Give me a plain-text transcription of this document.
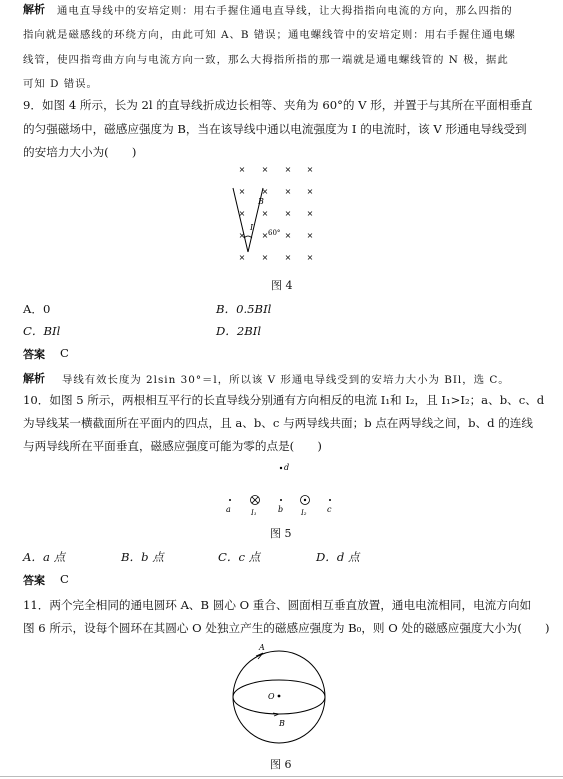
解析 通电直导线中的安培定则：用右手握住通电直导线，让大拇指指向电流的方向，那么四指的
指向就是磁感线的环绕方向，由此可知 A、B 错误；通电螺线管中的安培定则：用右手握住通电螺
线管，使四指弯曲方向与电流方向一致，那么大拇指所指的那一端就是通电螺线管的 N 极，据此
可知 D 错误。
9．如图 4 所示，长为 2l 的直导线折成边长相等、夹角为 60°的 V 形，并置于与其所在平面相垂直
的匀强磁场中，磁感应强度为 B，当在该导线中通以电流强度为 I 的电流时，该 V 形通电导线受到
的安培力大小为(　　)
× × × ×
× × × ×
× × × ×
× × × ×
× × × ×
B
I
60°
图 4
A．0	B．0.5BIl
C．BIl	D．2BIl
答案 C
解析 导线有效长度为 2lsin 30°＝l，所以该 V 形通电导线受到的安培力大小为 BIl，选 C。
10．如图 5 所示，两根相互平行的长直导线分别通有方向相反的电流 I₁和 I₂，且 I₁>I₂；a、b、c、d
为导线某一横截面所在平面内的四点，且 a、b、c 与两导线共面；b 点在两导线之间，b、d 的连线
与两导线所在平面垂直，磁感应强度可能为零的点是(　　)
d
a	I₁	b	I₂	c
图 5
A．a 点	B．b 点	C．c 点	D．d 点
答案 C
11．两个完全相同的通电圆环 A、B 圆心 O 重合、圆面相互垂直放置，通电电流相同，电流方向如
图 6 所示，设每个圆环在其圆心 O 处独立产生的磁感应强度为 B₀，则 O 处的磁感应强度大小为(　　)
A
O
B
图 6
